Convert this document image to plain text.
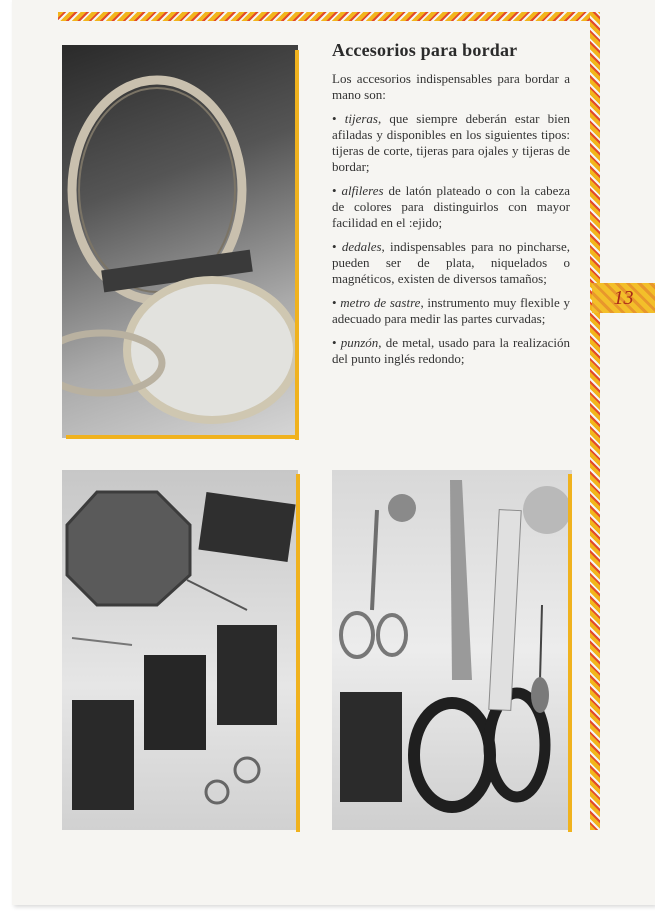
13
Accesorios para bordar

Los accesorios indispensables para bordar a mano son:

• tijeras, que siempre deberán estar bien afiladas y disponibles en los siguientes tipos: tijeras de corte, tijeras para ojales y tijeras de bordar;

• alfileres de latón plateado o con la cabeza de colores para distinguirlos con mayor facilidad en el :ejido;

• dedales, indispensables para no pincharse, pueden ser de plata, niquelados o magnéticos, existen de diversos tamaños;

• metro de sastre, instrumento muy flexible y adecuado para medir las partes curvadas;

• punzón, de metal, usado para la realización del punto inglés redondo;
